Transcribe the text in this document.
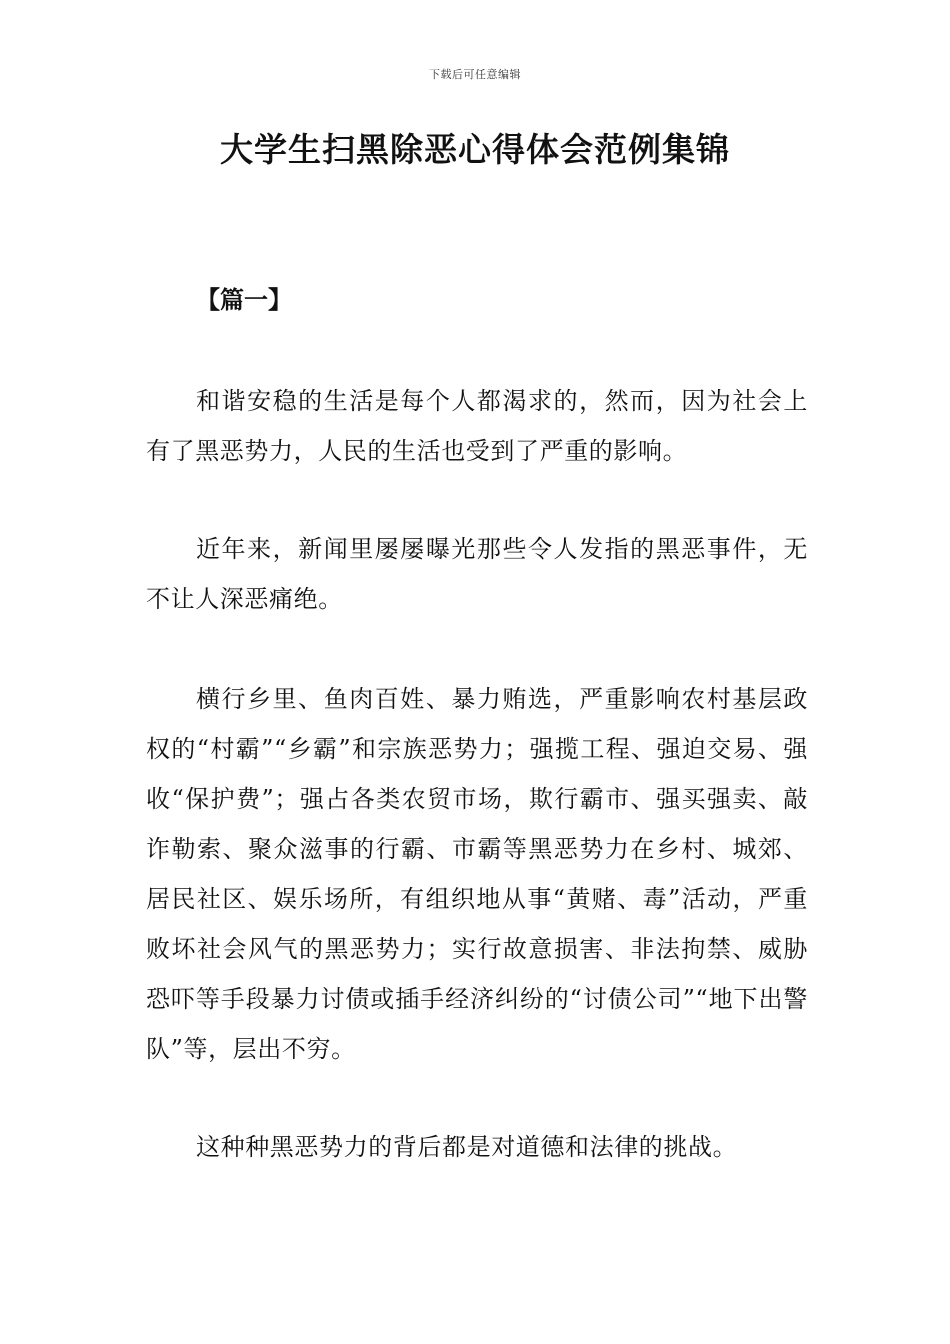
下载后可任意编辑
大学生扫黑除恶心得体会范例集锦
【篇一】

和谐安稳的生活是每个人都渴求的，然而，因为社会上有了黑恶势力，人民的生活也受到了严重的影响。

近年来，新闻里屡屡曝光那些令人发指的黑恶事件，无不让人深恶痛绝。

横行乡里、鱼肉百姓、暴力贿选，严重影响农村基层政权的“村霸”“乡霸”和宗族恶势力；强揽工程、强迫交易、强收“保护费”；强占各类农贸市场，欺行霸市、强买强卖、敲诈勒索、聚众滋事的行霸、市霸等黑恶势力在乡村、城郊、居民社区、娱乐场所，有组织地从事“黄赌、毒”活动，严重败坏社会风气的黑恶势力；实行故意损害、非法拘禁、威胁恐吓等手段暴力讨债或插手经济纠纷的“讨债公司”“地下出警队”等，层出不穷。

这种种黑恶势力的背后都是对道德和法律的挑战。
